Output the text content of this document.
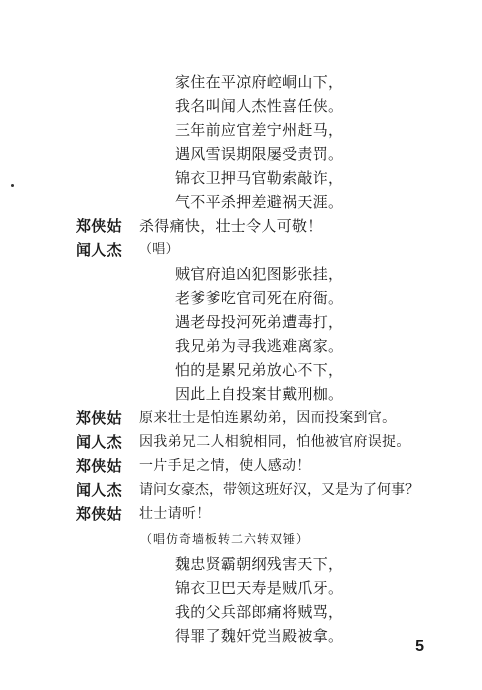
家住在平凉府崆峒山下，
我名叫闻人杰性喜任侠。
三年前应官差宁州赶马，
遇风雪误期限屡受责罚。
锦衣卫押马官勒索敲诈，
气不平杀押差避祸天涯。
郑侠姑 杀得痛快，壮士令人可敬！
闻人杰 （唱）
贼官府追凶犯图影张挂，
老爹爹吃官司死在府衙。
遇老母投河死弟遭毒打，
我兄弟为寻我逃难离家。
怕的是累兄弟放心不下，
因此上自投案甘戴刑枷。
郑侠姑 原来壮士是怕连累幼弟，因而投案到官。
闻人杰 因我弟兄二人相貌相同，怕他被官府误捉。
郑侠姑 一片手足之情，使人感动！
闻人杰 请问女豪杰，带领这班好汉，又是为了何事？
郑侠姑 壮士请听！
（唱仿奇墙板转二六转双锤）
魏忠贤霸朝纲残害天下，
锦衣卫巴天寿是贼爪牙。
我的父兵部郎痛将贼骂，
得罪了魏奸党当殿被拿。
5
